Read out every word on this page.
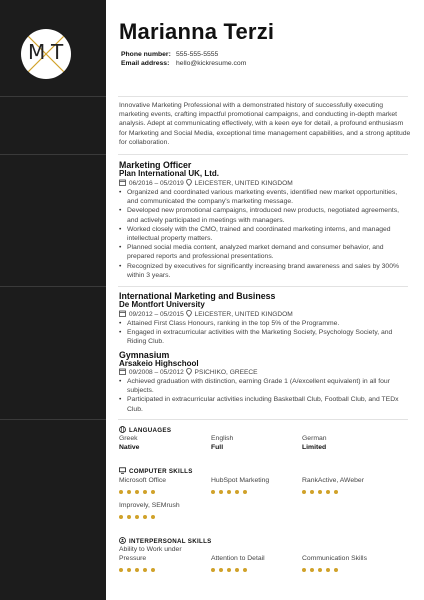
M T
Marianna Terzi
Phone number: 555-555-5555
Email address: hello@kickresume.com
Innovative Marketing Professional with a demonstrated history of successfully executing marketing events, crafting impactful promotional campaigns, and conducting in-depth market analysis. Adept at communicating effectively, with a keen eye for detail, a profound enthusiasm for Marketing and Social Media, exceptional time management capabilities, and a strong aptitude for collaboration.
Marketing Officer
Plan International UK, Ltd.
06/2016 – 05/2019 LEICESTER, UNITED KINGDOM
• Organized and coordinated various marketing events, identified new market opportunities, and communicated the company's marketing message.
• Developed new promotional campaigns, introduced new products, negotiated agreements, and actively participated in meetings with managers.
• Worked closely with the CMO, trained and coordinated marketing interns, and managed intellectual property matters.
• Planned social media content, analyzed market demand and consumer behavior, and prepared reports and professional presentations.
• Recognized by executives for significantly increasing brand awareness and sales by 300% within 3 years.
International Marketing and Business
De Montfort University
09/2012 – 05/2015 LEICESTER, UNITED KINGDOM
• Attained First Class Honours, ranking in the top 5% of the Programme.
• Engaged in extracurricular activities with the Marketing Society, Psychology Society, and Riding Club.
Gymnasium
Arsakeio Highschool
09/2008 – 05/2012 PSICHIKO, GREECE
• Achieved graduation with distinction, earning Grade 1 (A/excellent equivalent) in all four subjects.
• Participated in extracurricular activities including Basketball Club, Football Club, and TEDx Club.
LANGUAGES
Greek
Native
English
Full
German
Limited
COMPUTER SKILLS
Microsoft Office	HubSpot Marketing	RankActive, AWeber
Improvely, SEMrush
INTERPERSONAL SKILLS
Ability to Work under Pressure	Attention to Detail	Communication Skills
